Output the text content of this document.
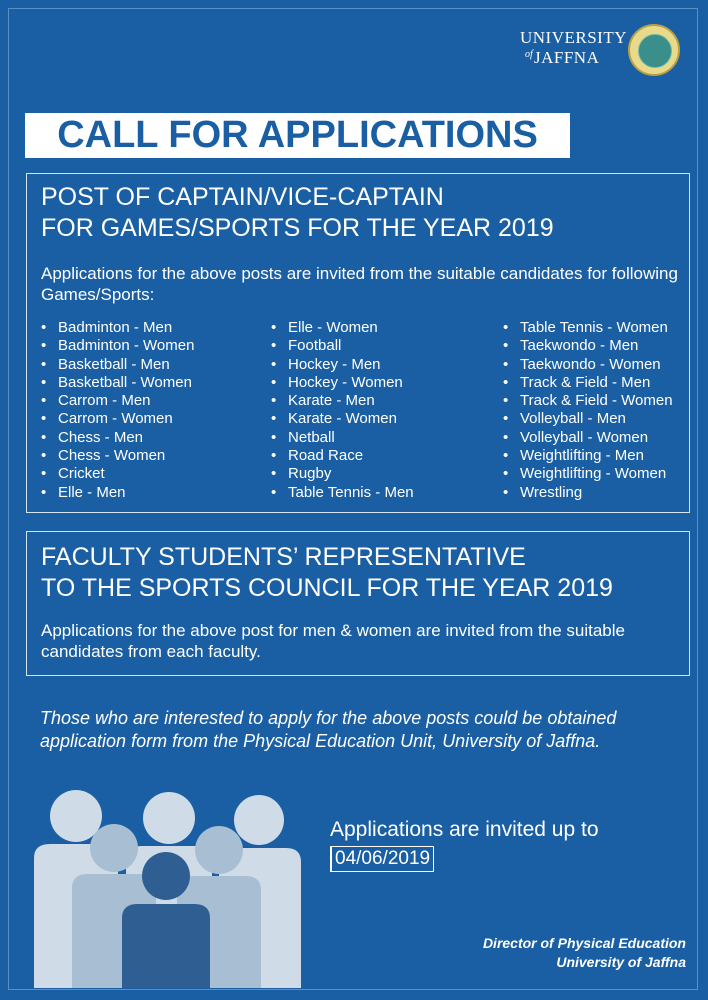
UNIVERSITY
of JAFFNA
CALL FOR APPLICATIONS
POST OF CAPTAIN/VICE-CAPTAIN
FOR GAMES/SPORTS FOR THE YEAR 2019
Applications for the above posts are invited from the suitable candidates for following Games/Sports:
• Badminton - Men
• Badminton - Women
• Basketball - Men
• Basketball - Women
• Carrom - Men
• Carrom - Women
• Chess - Men
• Chess - Women
• Cricket
• Elle - Men
• Elle - Women
• Football
• Hockey - Men
• Hockey - Women
• Karate - Men
• Karate - Women
• Netball
• Road Race
• Rugby
• Table Tennis - Men
• Table Tennis - Women
• Taekwondo - Men
• Taekwondo - Women
• Track & Field - Men
• Track & Field - Women
• Volleyball - Men
• Volleyball - Women
• Weightlifting - Men
• Weightlifting - Women
• Wrestling
FACULTY STUDENTS’ REPRESENTATIVE
TO THE SPORTS COUNCIL FOR THE YEAR 2019
Applications for the above post for men & women are invited from the suitable candidates from each faculty.
Those who are interested to apply for the above posts could be obtained application form from the Physical Education Unit, University of Jaffna.
Applications are invited up to
04/06/2019
Director of Physical Education
University of Jaffna
